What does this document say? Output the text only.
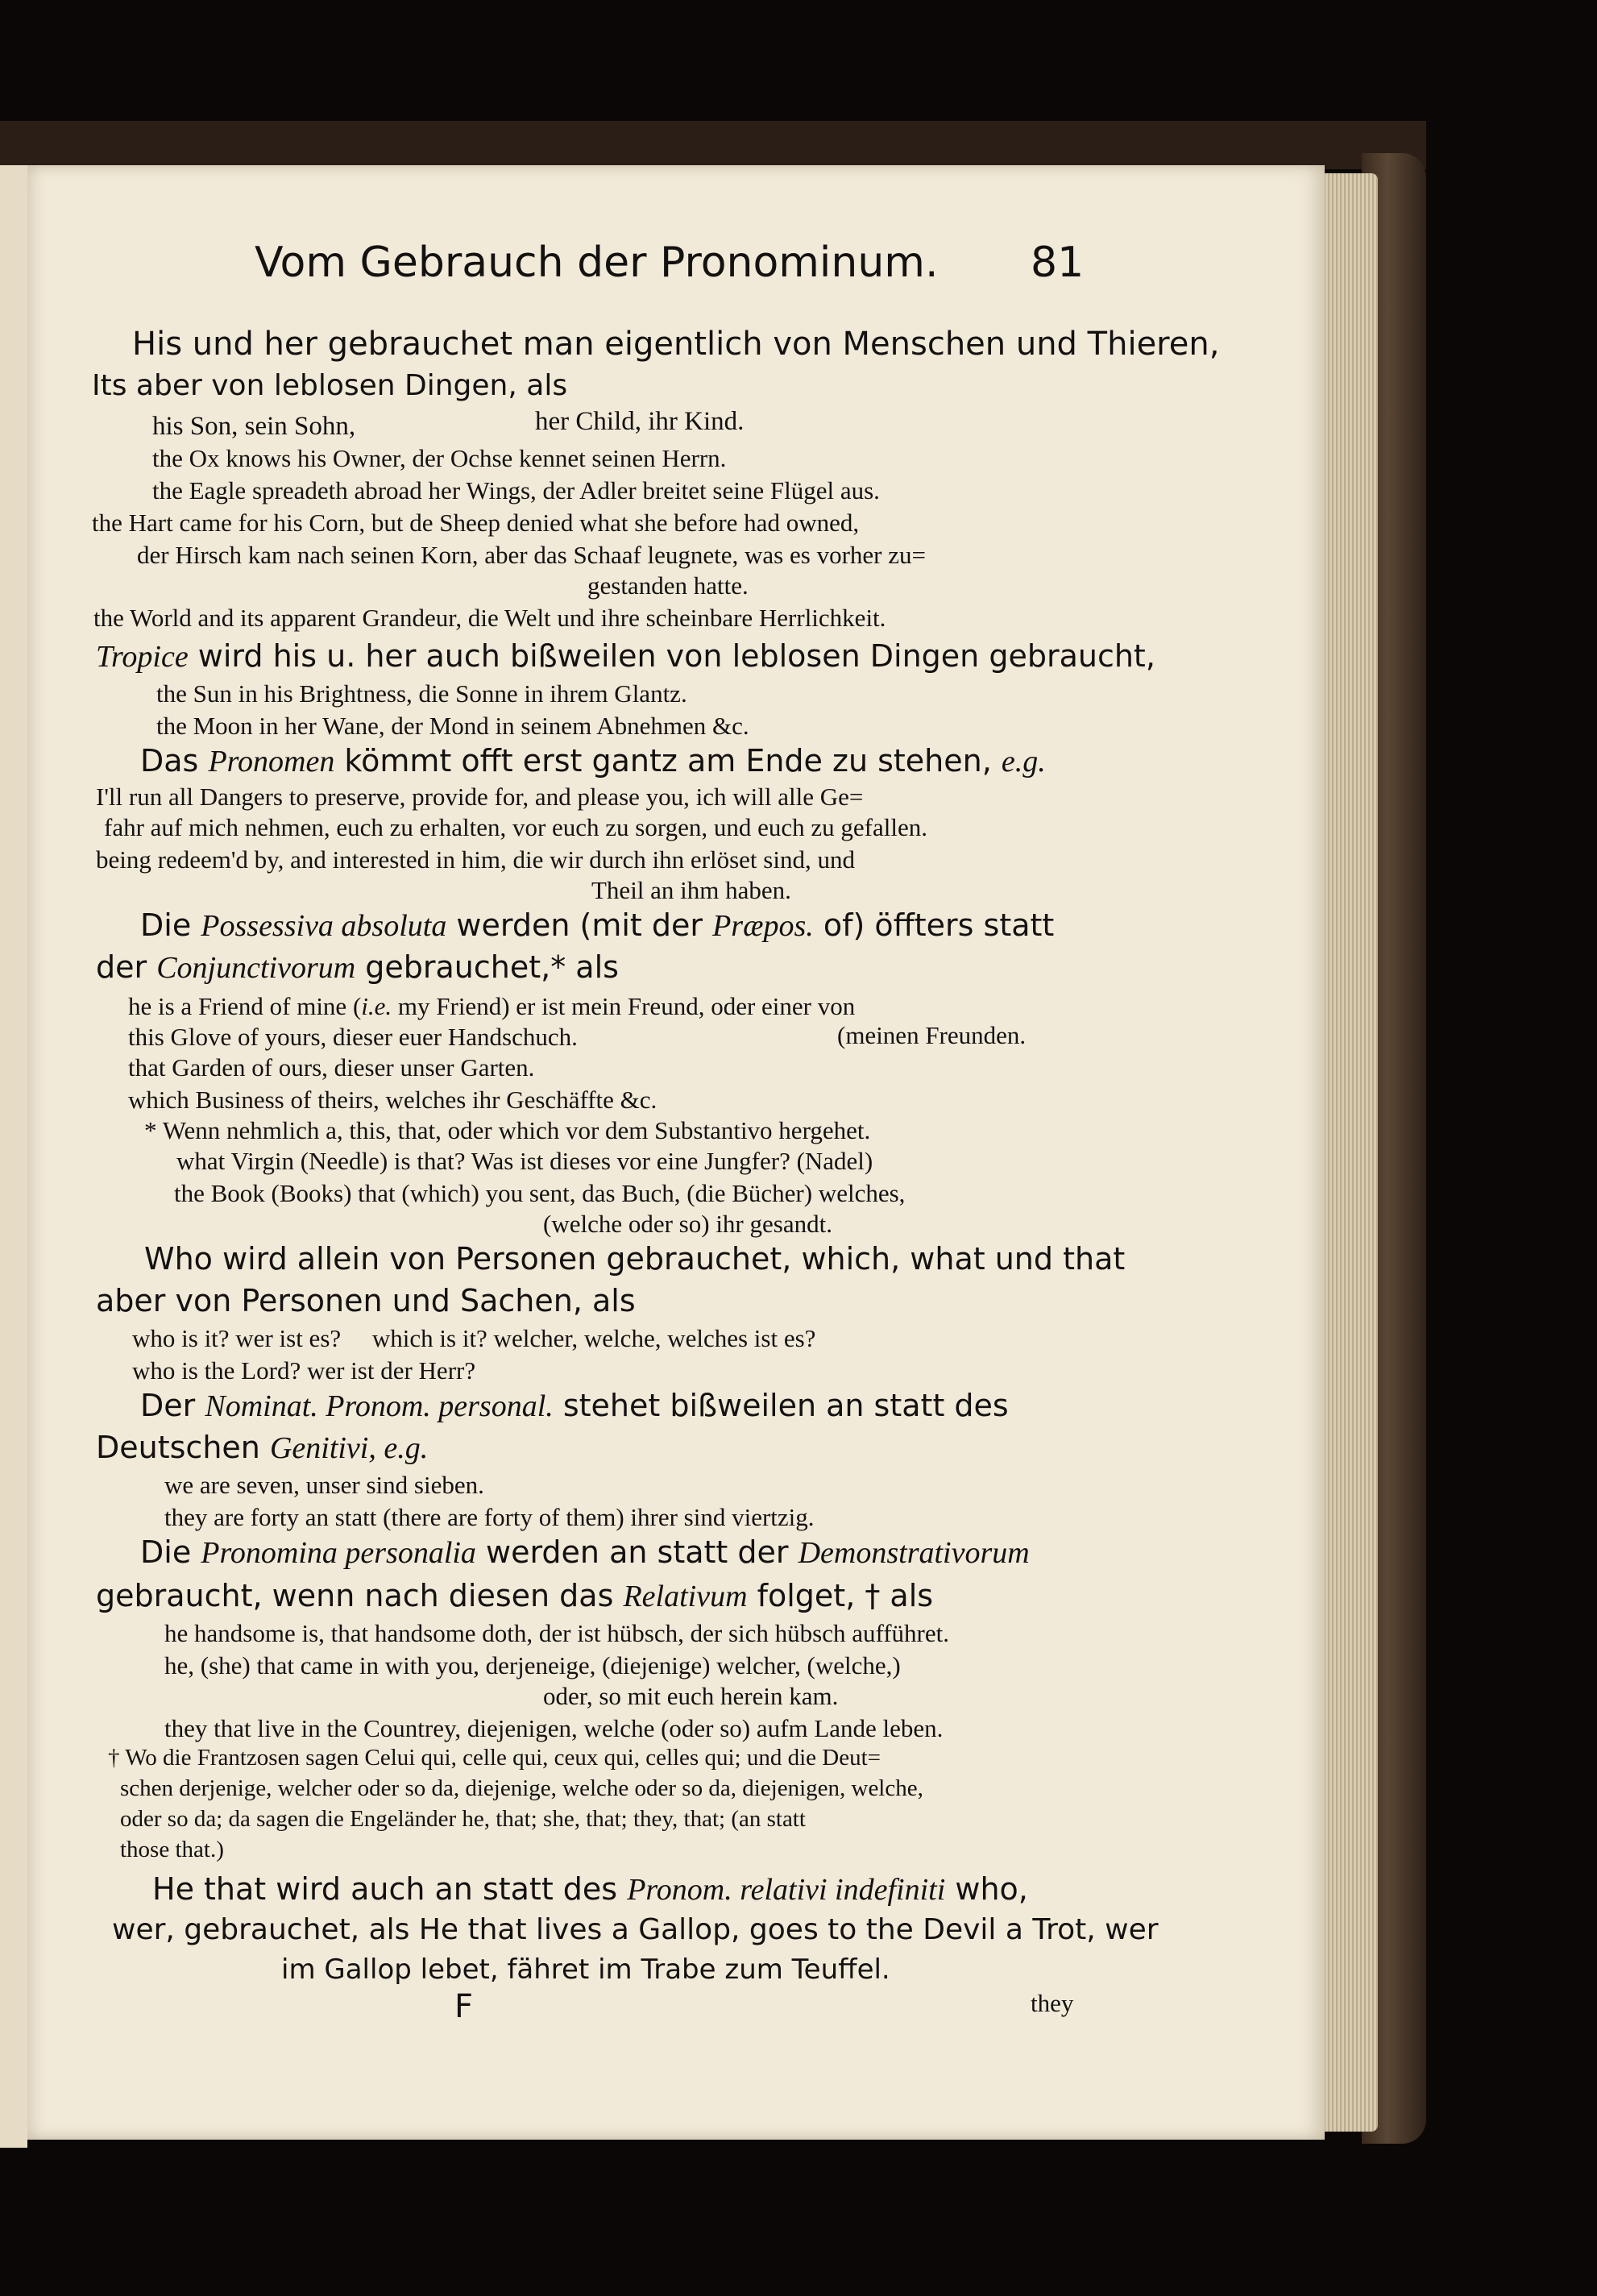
Vom Gebrauch der Pronominum. 81
His und her gebrauchet man eigentlich von Menschen und Thieren,
Its aber von leblosen Dingen, als
his Son, sein Sohn,	her Child, ihr Kind.
the Ox knows his Owner, der Ochse kennet seinen Herrn.
the Eagle spreadeth abroad her Wings, der Adler breitet seine Flügel aus.
the Hart came for his Corn, but de Sheep denied what she before had owned,
der Hirsch kam nach seinen Korn, aber das Schaaf leugnete, was es vorher zu=
gestanden hatte.
the World and its apparent Grandeur, die Welt und ihre scheinbare Herrlichkeit.
Tropice wird his u. her auch bißweilen von leblosen Dingen gebraucht,
the Sun in his Brightness, die Sonne in ihrem Glantz.
the Moon in her Wane, der Mond in seinem Abnehmen &c.
Das Pronomen kömmt offt erst gantz am Ende zu stehen, e.g.
I'll run all Dangers to preserve, provide for, and please you, ich will alle Ge=
fahr auf mich nehmen, euch zu erhalten, vor euch zu sorgen, und euch zu gefallen.
being redeem'd by, and interested in him, die wir durch ihn erlöset sind, und
Theil an ihm haben.
Die Possessiva absoluta werden (mit der Præpos. of) öffters statt
der Conjunctivorum gebrauchet,* als
he is a Friend of mine (i.e. my Friend) er ist mein Freund, oder einer von
this Glove of yours, dieser euer Handschuch.	(meinen Freunden.
that Garden of ours, dieser unser Garten.
which Business of theirs, welches ihr Geschäffte &c.
* Wenn nehmlich a, this, that, oder which vor dem Substantivo hergehet.
what Virgin (Needle) is that? Was ist dieses vor eine Jungfer? (Nadel)
the Book (Books) that (which) you sent, das Buch, (die Bücher) welches,
(welche oder so) ihr gesandt.
Who wird allein von Personen gebrauchet, which, what und that
aber von Personen und Sachen, als
who is it? wer ist es?     which is it? welcher, welche, welches ist es?
who is the Lord? wer ist der Herr?
Der Nominat. Pronom. personal. stehet bißweilen an statt des
Deutschen Genitivi, e.g.
we are seven, unser sind sieben.
they are forty an statt (there are forty of them) ihrer sind viertzig.
Die Pronomina personalia werden an statt der Demonstrativorum
gebraucht, wenn nach diesen das Relativum folget, † als
he handsome is, that handsome doth, der ist hübsch, der sich hübsch aufführet.
he, (she) that came in with you, derjeneige, (diejenige) welcher, (welche,)
oder, so mit euch herein kam.
they that live in the Countrey, diejenigen, welche (oder so) aufm Lande leben.
† Wo die Frantzosen sagen Celui qui, celle qui, ceux qui, celles qui; und die Deut=
schen derjenige, welcher oder so da, diejenige, welche oder so da, diejenigen, welche,
oder so da; da sagen die Engeländer he, that; she, that; they, that; (an statt
those that.)
He that wird auch an statt des Pronom. relativi indefiniti who,
wer, gebrauchet, als He that lives a Gallop, goes to the Devil a Trot, wer
im Gallop lebet, fähret im Trabe zum Teuffel.
F	they
